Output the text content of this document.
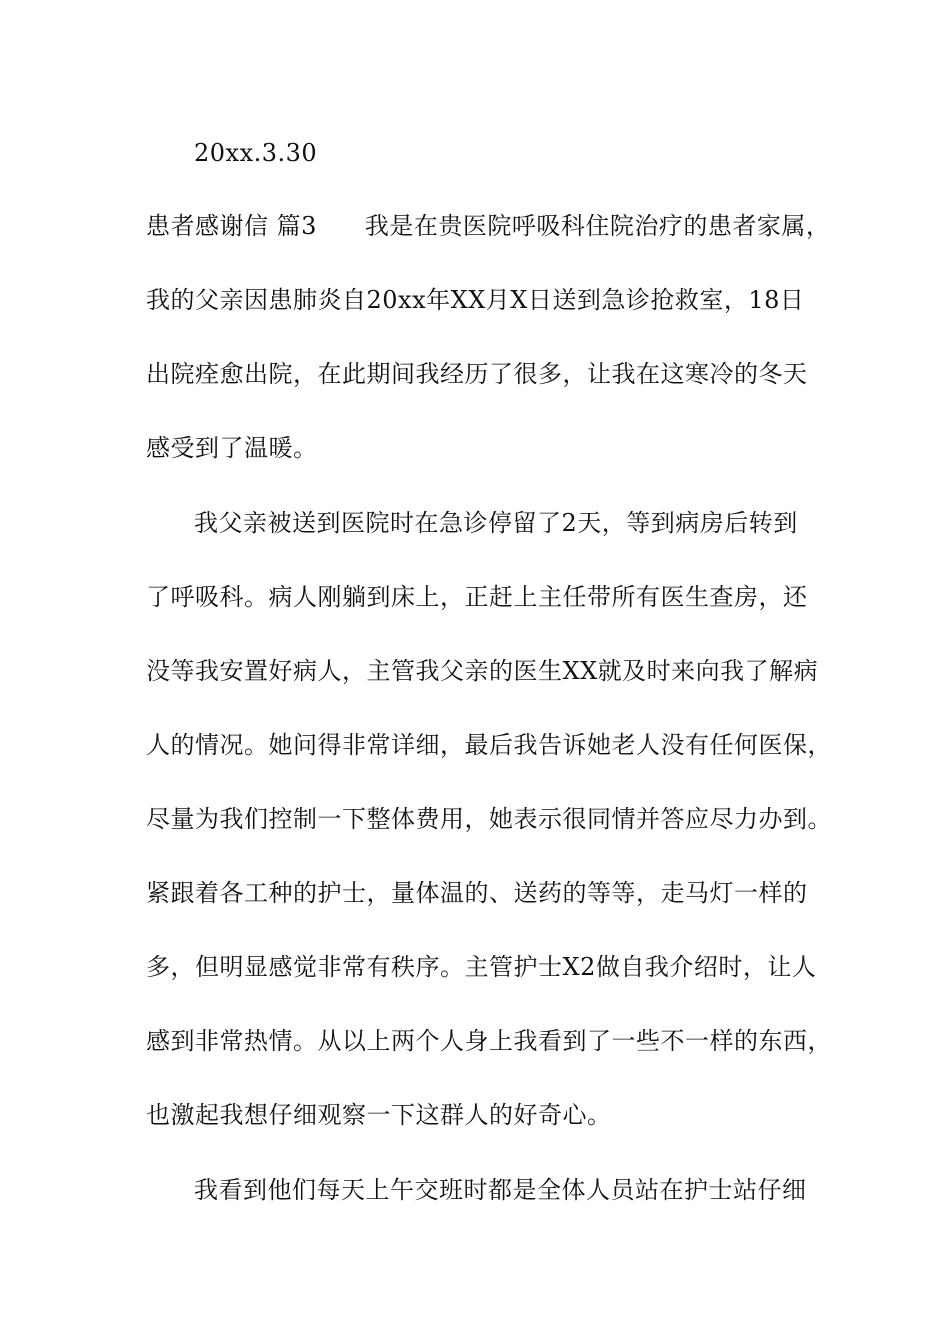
20xx.3.30
患者感谢信 篇3 我是在贵医院呼吸科住院治疗的患者家属，
我的父亲因患肺炎自20xx年XX月X日送到急诊抢救室，18日
出院痊愈出院，在此期间我经历了很多，让我在这寒冷的冬天
感受到了温暖。
我父亲被送到医院时在急诊停留了2天，等到病房后转到
了呼吸科。病人刚躺到床上，正赶上主任带所有医生查房，还
没等我安置好病人，主管我父亲的医生XX就及时来向我了解病
人的情况。她问得非常详细，最后我告诉她老人没有任何医保，
尽量为我们控制一下整体费用，她表示很同情并答应尽力办到。
紧跟着各工种的护士，量体温的、送药的等等，走马灯一样的
多，但明显感觉非常有秩序。主管护士X2做自我介绍时，让人
感到非常热情。从以上两个人身上我看到了一些不一样的东西，
也激起我想仔细观察一下这群人的好奇心。
我看到他们每天上午交班时都是全体人员站在护士站仔细
